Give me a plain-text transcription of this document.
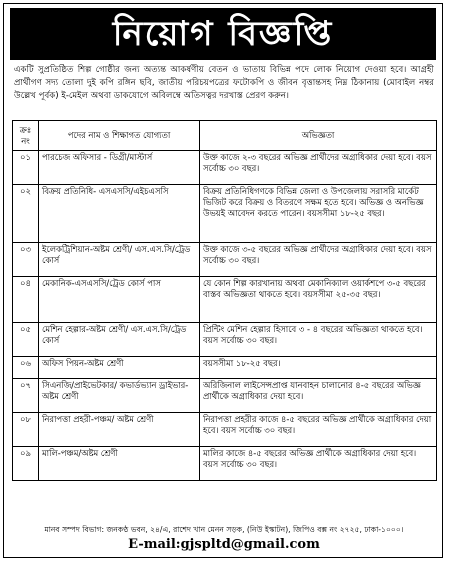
নিয়োগ বিজ্ঞপ্তি
একটি সুপ্রতিষ্ঠিত শিল্প গোষ্ঠীর জন্য অত্যন্ত আকর্ষণীয় বেতন ও ভাতায় বিভিন্ন পদে লোক নিয়োগ দেওয়া হবে। আগ্রহী প্রার্থীগণ সদ্য তোলা দুই কপি রঙ্গিন ছবি, জাতীয় পরিচয়পত্রের ফটোকপি ও জীবন বৃত্তান্তসহ নিম্ন ঠিকানায় (মোবাইল নম্বর উল্লেখ পূর্বক) ই-মেইল অথবা ডাকযোগে অবিলম্বে অতিসত্বর দরখাস্ত প্রেরণ করুন।
ক্রঃ নং	পদের নাম ও শিক্ষাগত যোগ্যতা	অভিজ্ঞতা
০১	পারচেজ অফিসার - ডিগ্রী/মাস্টার্স	উক্ত কাজে ২-৩ বছরের অভিজ্ঞ প্রার্থীদের অগ্রাধিকার দেয়া হবে। বয়স সর্বোচ্চ ৩০ বছর।
০২	বিক্রয় প্রতিনিধি- এসএসসি/এইচএসসি	বিক্রয় প্রতিনিধিগণকে বিভিন্ন জেলা ও উপজেলায় সরাসরি মার্কেট ভিজিট করে বিক্রয় ও বিতরণে সক্ষম হতে হবে। অভিজ্ঞ ও অনভিজ্ঞ উভয়ই আবেদন করতে পারেন। বয়সসীমা ১৮-২৫ বছর।
০৩	ইলেকট্রিশিয়ান-অষ্টম শ্রেণী/ এস.এস.সি/ট্রেড কোর্স	উক্ত কাজে ৩-৫ বছরের অভিজ্ঞ প্রার্থীদের অগ্রাধিকার দেয়া হবে। বয়স সর্বোচ্চ ৩০ বছর।
০৪	মেকানিক-এসএসসি/ট্রেড কোর্স পাস	যে কোন শিল্প কারখানায় অথবা মেকানিক্যাল ওয়ার্কশপে ৩-৫ বছরের বাস্তব অভিজ্ঞতা থাকতে হবে। বয়সসীমা ২৫-৩৫ বছর।
০৫	মেশিন হেল্পার-অষ্টম শ্রেণী/ এস.এস.সি/ট্রেড কোর্স	প্রিন্টিং মেশিন হেল্পার হিসাবে ৩ - ৪ বছরের অভিজ্ঞতা থাকতে হবে। বয়স সর্বোচ্চ ৩০ বছর।
০৬	অফিস পিয়ন-অষ্টম শ্রেণী	বয়সসীমা ১৮-২৫ বছর।
০৭	সিএনজি/প্রাইভেটকার/ কভার্ডভ্যান ড্রাইভার-অষ্টম শ্রেণী	অরিজিনাল লাইসেন্সপ্রাপ্ত যানবাহন চালানোর ৪-৫ বছরের অভিজ্ঞ প্রার্থীকে অগ্রাধিকার দেয়া হবে।
০৮	নিরাপত্তা প্রহরী-পঞ্চম/ অষ্টম শ্রেণী	নিরাপত্তা প্রহরীর কাজে ৪-৫ বছরের অভিজ্ঞ প্রার্থীকে অগ্রাধিকার দেয়া হবে। বয়স সর্বোচ্চ ৩০ বছর।
০৯	মালি-পঞ্চম/অষ্টম শ্রেণী	মালির কাজে ৪-৫ বছরের অভিজ্ঞ প্রার্থীকে অগ্রাধিকার দেয়া হবে। বয়স সর্বোচ্চ ৩০ বছর।
মানব সম্পদ বিভাগ: জনকণ্ঠ ভবন, ২৪/এ, রাশেদ খান মেনন সড়ক, (নিউ ইস্কাটন), জিপিও বক্স নং ২৭২৫, ঢাকা-১০০০।
E-mail:gjspltd@gmail.com
